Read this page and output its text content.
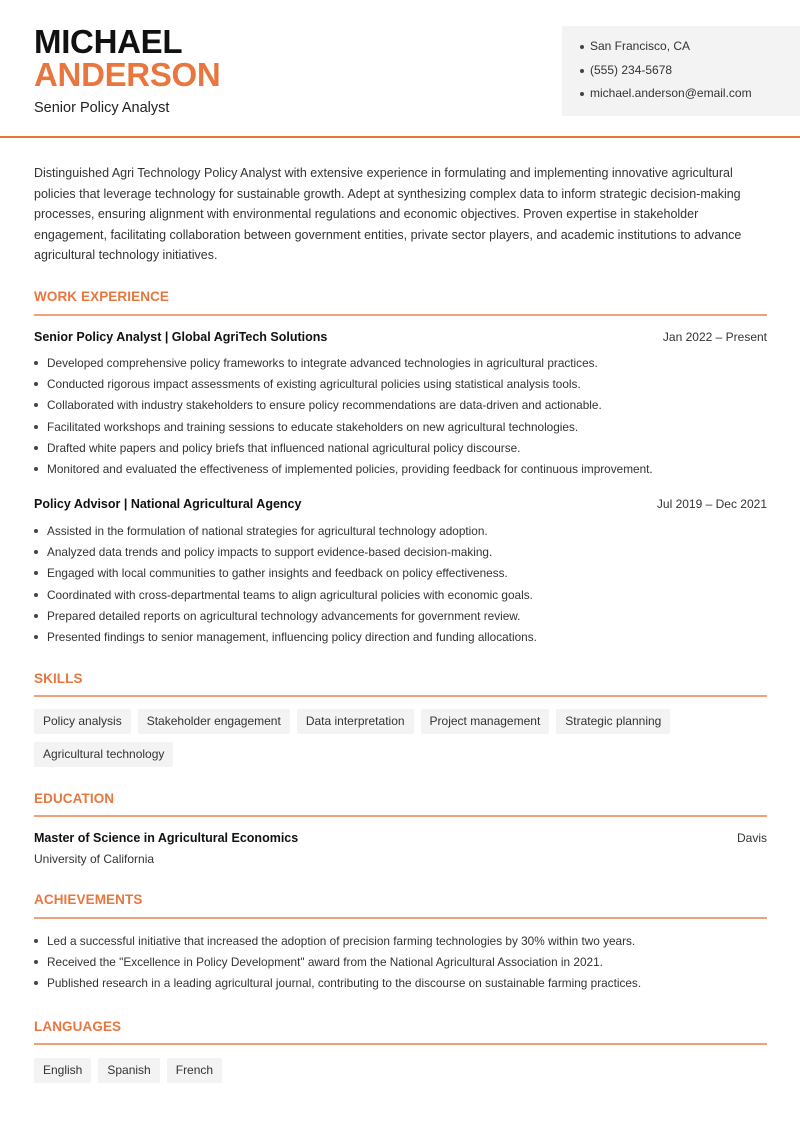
MICHAEL
ANDERSON
Senior Policy Analyst
San Francisco, CA
(555) 234-5678
michael.anderson@email.com

Distinguished Agri Technology Policy Analyst with extensive experience in formulating and implementing innovative agricultural policies that leverage technology for sustainable growth. Adept at synthesizing complex data to inform strategic decision-making processes, ensuring alignment with environmental regulations and economic objectives. Proven expertise in stakeholder engagement, facilitating collaboration between government entities, private sector players, and academic institutions to advance agricultural technology initiatives.

WORK EXPERIENCE
Senior Policy Analyst | Global AgriTech Solutions	Jan 2022 – Present
Developed comprehensive policy frameworks to integrate advanced technologies in agricultural practices.
Conducted rigorous impact assessments of existing agricultural policies using statistical analysis tools.
Collaborated with industry stakeholders to ensure policy recommendations are data-driven and actionable.
Facilitated workshops and training sessions to educate stakeholders on new agricultural technologies.
Drafted white papers and policy briefs that influenced national agricultural policy discourse.
Monitored and evaluated the effectiveness of implemented policies, providing feedback for continuous improvement.
Policy Advisor | National Agricultural Agency	Jul 2019 – Dec 2021
Assisted in the formulation of national strategies for agricultural technology adoption.
Analyzed data trends and policy impacts to support evidence-based decision-making.
Engaged with local communities to gather insights and feedback on policy effectiveness.
Coordinated with cross-departmental teams to align agricultural policies with economic goals.
Prepared detailed reports on agricultural technology advancements for government review.
Presented findings to senior management, influencing policy direction and funding allocations.
SKILLS
Policy analysis	Stakeholder engagement	Data interpretation	Project management	Strategic planning
Agricultural technology
EDUCATION
Master of Science in Agricultural Economics	Davis
University of California
ACHIEVEMENTS
Led a successful initiative that increased the adoption of precision farming technologies by 30% within two years.
Received the "Excellence in Policy Development" award from the National Agricultural Association in 2021.
Published research in a leading agricultural journal, contributing to the discourse on sustainable farming practices.
LANGUAGES
English	Spanish	French
